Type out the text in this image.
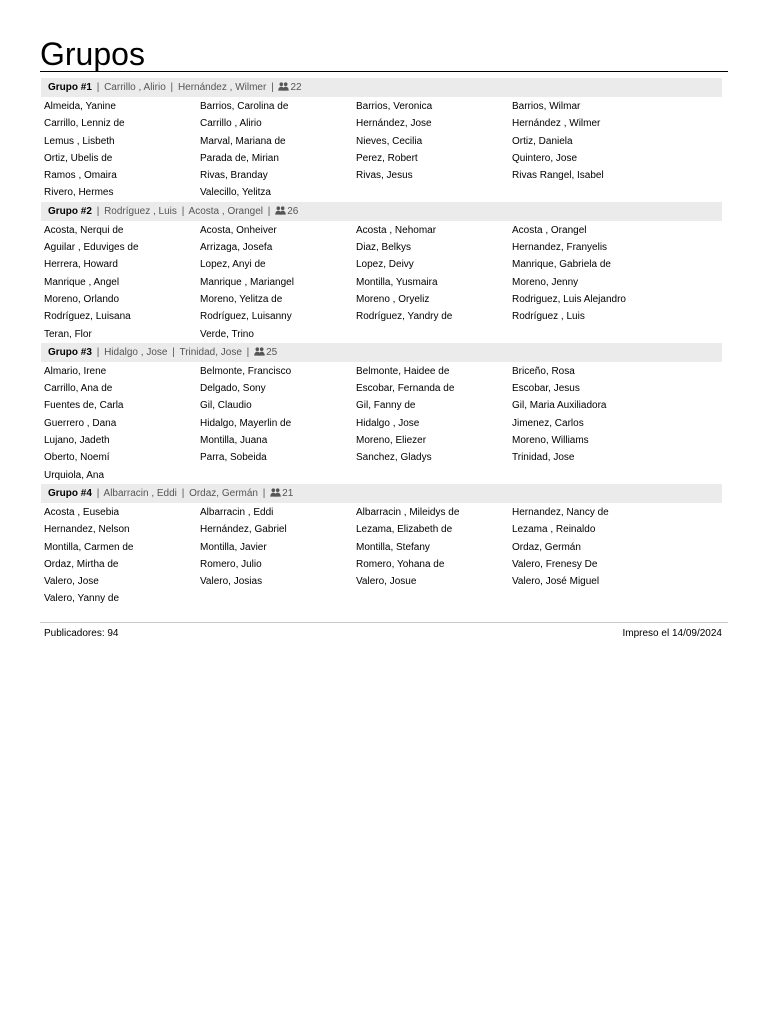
Grupos
Grupo #1 | Carrillo , Alirio | Hernández , Wilmer | 22
Almeida, Yanine	Barrios, Carolina de	Barrios, Veronica	Barrios, Wilmar
Carrillo, Lenniz de	Carrillo , Alirio	Hernández, Jose	Hernández , Wilmer
Lemus , Lisbeth	Marval, Mariana de	Nieves, Cecilia	Ortiz, Daniela
Ortiz, Ubelis de	Parada de, Mirian	Perez, Robert	Quintero, Jose
Ramos , Omaira	Rivas, Branday	Rivas, Jesus	Rivas Rangel, Isabel
Rivero, Hermes	Valecillo, Yelitza
Grupo #2 | Rodríguez , Luis | Acosta , Orangel | 26
Acosta, Nerqui de	Acosta, Onheiver	Acosta , Nehomar	Acosta , Orangel
Aguilar , Eduviges de	Arrizaga, Josefa	Diaz, Belkys	Hernandez, Franyelis
Herrera, Howard	Lopez, Anyi de	Lopez, Deivy	Manrique, Gabriela de
Manrique , Angel	Manrique , Mariangel	Montilla, Yusmaira	Moreno, Jenny
Moreno, Orlando	Moreno, Yelitza de	Moreno , Oryeliz	Rodriguez, Luis Alejandro
Rodríguez, Luisana	Rodríguez, Luisanny	Rodríguez, Yandry de	Rodríguez , Luis
Teran, Flor	Verde, Trino
Grupo #3 | Hidalgo , Jose | Trinidad, Jose | 25
Almario, Irene	Belmonte, Francisco	Belmonte, Haidee de	Briceño, Rosa
Carrillo, Ana de	Delgado, Sony	Escobar, Fernanda de	Escobar, Jesus
Fuentes de, Carla	Gil, Claudio	Gil, Fanny de	Gil, Maria Auxiliadora
Guerrero , Dana	Hidalgo, Mayerlin de	Hidalgo , Jose	Jimenez, Carlos
Lujano, Jadeth	Montilla, Juana	Moreno, Eliezer	Moreno, Williams
Oberto, Noemí	Parra, Sobeida	Sanchez, Gladys	Trinidad, Jose
Urquiola, Ana
Grupo #4 | Albarracin , Eddi | Ordaz, Germán | 21
Acosta , Eusebia	Albarracin , Eddi	Albarracin , Mileidys de	Hernandez, Nancy de
Hernandez, Nelson	Hernández, Gabriel	Lezama, Elizabeth de	Lezama , Reinaldo
Montilla, Carmen de	Montilla, Javier	Montilla, Stefany	Ordaz, Germán
Ordaz, Mirtha de	Romero, Julio	Romero, Yohana de	Valero, Frenesy De
Valero, Jose	Valero, Josias	Valero, Josue	Valero, José Miguel
Valero, Yanny de
Publicadores: 94	Impreso el 14/09/2024
